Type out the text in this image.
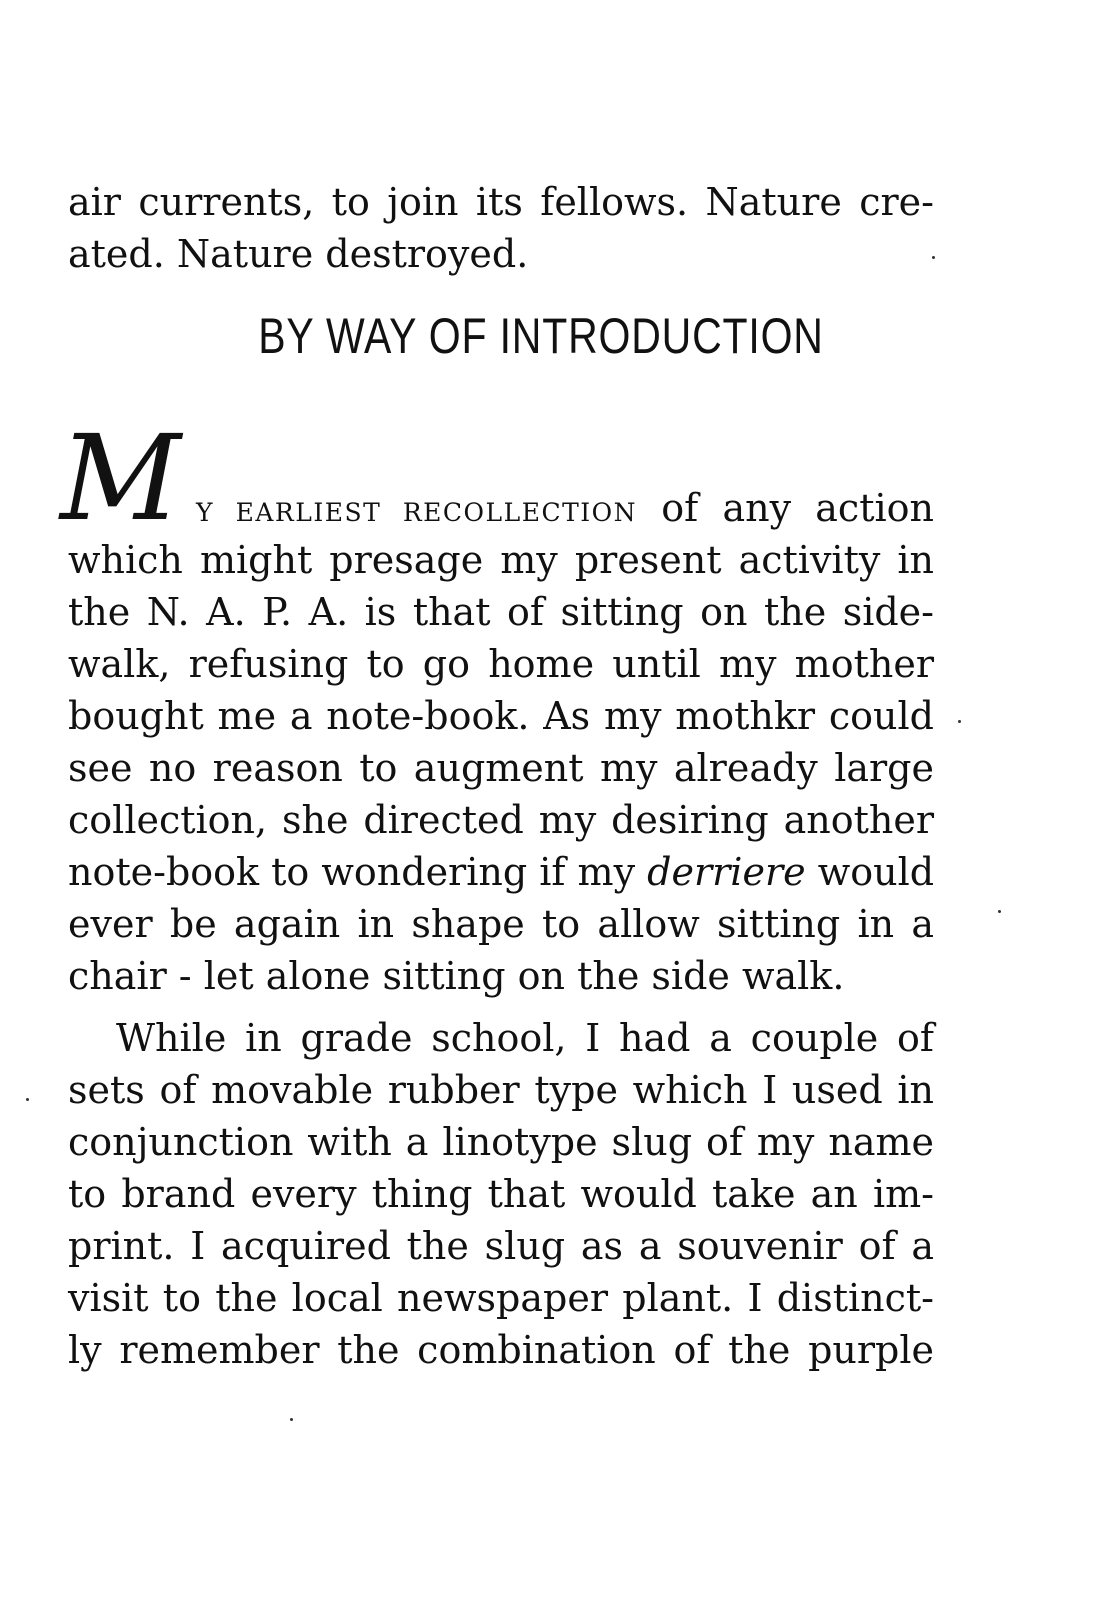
air currents, to join its fellows. Nature cre-
ated. Nature destroyed.
BY WAY OF INTRODUCTION
M Y EARLIEST RECOLLECTION of any action
which might presage my present activity in
the N. A. P. A. is that of sitting on the side-
walk, refusing to go home until my mother
bought me a note-book. As my mothkr could
see no reason to augment my already large
collection, she directed my desiring another
note-book to wondering if my derriere would
ever be again in shape to allow sitting in a
chair - let alone sitting on the side walk.
While in grade school, I had a couple of
sets of movable rubber type which I used in
conjunction with a linotype slug of my name
to brand every thing that would take an im-
print. I acquired the slug as a souvenir of a
visit to the local newspaper plant. I distinct-
ly remember the combination of the purple
